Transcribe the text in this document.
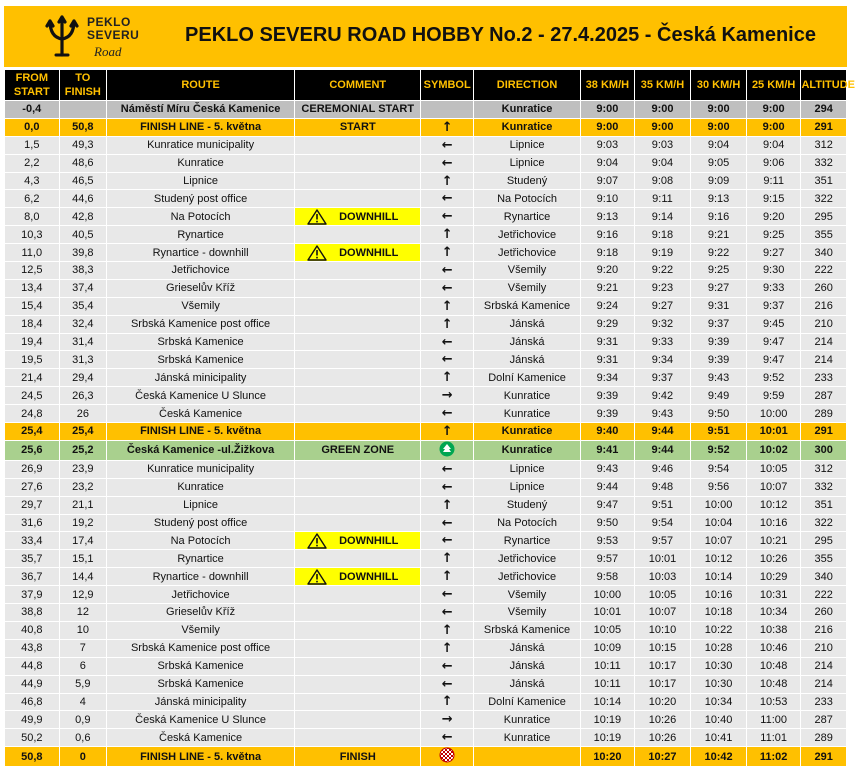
PEKLO
SEVERU
Road
PEKLO SEVERU ROAD HOBBY No.2 - 27.4.2025 - Česká Kamenice
FROM START	TO FINISH	ROUTE	COMMENT	SYMBOL	DIRECTION	38 KM/H	35 KM/H	30 KM/H	25 KM/H	ALTITUDE
-0,4		Náměstí Míru Česká Kamenice	CEREMONIAL START		Kunratice	9:00	9:00	9:00	9:00	294
0,0	50,8	FINISH LINE - 5. května	START	↑	Kunratice	9:00	9:00	9:00	9:00	291
1,5	49,3	Kunratice municipality		←	Lipnice	9:03	9:03	9:04	9:04	312
2,2	48,6	Kunratice		←	Lipnice	9:04	9:04	9:05	9:06	332
4,3	46,5	Lipnice		↑	Studený	9:07	9:08	9:09	9:11	351
6,2	44,6	Studený post office		←	Na Potocích	9:10	9:11	9:13	9:15	322
8,0	42,8	Na Potocích	DOWNHILL	←	Rynartice	9:13	9:14	9:16	9:20	295
10,3	40,5	Rynartice		↑	Jetřichovice	9:16	9:18	9:21	9:25	355
11,0	39,8	Rynartice - downhill	DOWNHILL	↑	Jetřichovice	9:18	9:19	9:22	9:27	340
12,5	38,3	Jetřichovice		←	Všemily	9:20	9:22	9:25	9:30	222
13,4	37,4	Grieselův Kříž		←	Všemily	9:21	9:23	9:27	9:33	260
15,4	35,4	Všemily		↑	Srbská Kamenice	9:24	9:27	9:31	9:37	216
18,4	32,4	Srbská Kamenice post office		↑	Jánská	9:29	9:32	9:37	9:45	210
19,4	31,4	Srbská Kamenice		←	Jánská	9:31	9:33	9:39	9:47	214
19,5	31,3	Srbská Kamenice		←	Jánská	9:31	9:34	9:39	9:47	214
21,4	29,4	Jánská minicipality		↑	Dolní Kamenice	9:34	9:37	9:43	9:52	233
24,5	26,3	Česká Kamenice U Slunce		→	Kunratice	9:39	9:42	9:49	9:59	287
24,8	26	Česká Kamenice		←	Kunratice	9:39	9:43	9:50	10:00	289
25,4	25,4	FINISH LINE - 5. května		↑	Kunratice	9:40	9:44	9:51	10:01	291
25,6	25,2	Česká Kamenice -ul.Žižkova	GREEN ZONE		Kunratice	9:41	9:44	9:52	10:02	300
26,9	23,9	Kunratice municipality		←	Lipnice	9:43	9:46	9:54	10:05	312
27,6	23,2	Kunratice		←	Lipnice	9:44	9:48	9:56	10:07	332
29,7	21,1	Lipnice		↑	Studený	9:47	9:51	10:00	10:12	351
31,6	19,2	Studený post office		←	Na Potocích	9:50	9:54	10:04	10:16	322
33,4	17,4	Na Potocích	DOWNHILL	←	Rynartice	9:53	9:57	10:07	10:21	295
35,7	15,1	Rynartice		↑	Jetřichovice	9:57	10:01	10:12	10:26	355
36,7	14,4	Rynartice - downhill	DOWNHILL	↑	Jetřichovice	9:58	10:03	10:14	10:29	340
37,9	12,9	Jetřichovice		←	Všemily	10:00	10:05	10:16	10:31	222
38,8	12	Grieselův Kříž		←	Všemily	10:01	10:07	10:18	10:34	260
40,8	10	Všemily		↑	Srbská Kamenice	10:05	10:10	10:22	10:38	216
43,8	7	Srbská Kamenice post office		↑	Jánská	10:09	10:15	10:28	10:46	210
44,8	6	Srbská Kamenice		←	Jánská	10:11	10:17	10:30	10:48	214
44,9	5,9	Srbská Kamenice		←	Jánská	10:11	10:17	10:30	10:48	214
46,8	4	Jánská minicipality		↑	Dolní Kamenice	10:14	10:20	10:34	10:53	233
49,9	0,9	Česká Kamenice U Slunce		→	Kunratice	10:19	10:26	10:40	11:00	287
50,2	0,6	Česká Kamenice		←	Kunratice	10:19	10:26	10:41	11:01	289
50,8	0	FINISH LINE - 5. května	FINISH			10:20	10:27	10:42	11:02	291
